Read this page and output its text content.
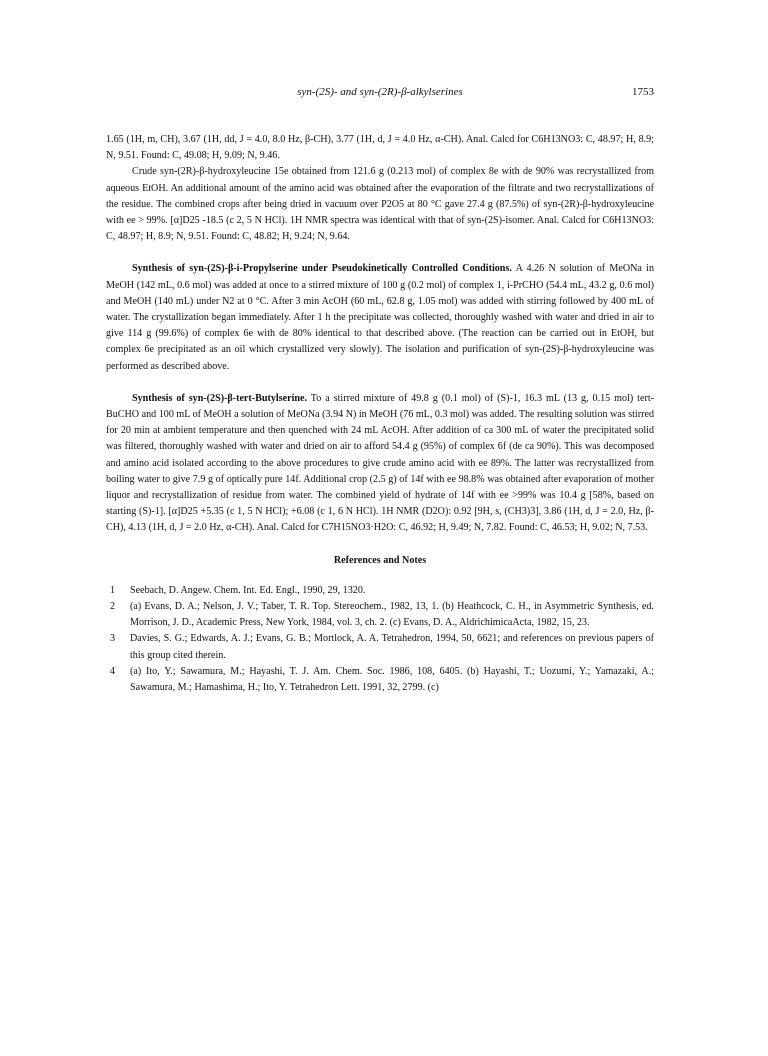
syn-(2S)- and syn-(2R)-β-alkylserines	1753

1.65 (1H, m, CH), 3.67 (1H, dd, J = 4.0, 8.0 Hz, β-CH), 3.77 (1H, d, J = 4.0 Hz, α-CH). Anal. Calcd for C6H13NO3: C, 48.97; H, 8.9; N, 9.51. Found: C, 49.08; H, 9.09; N, 9.46.

Crude syn-(2R)-β-hydroxyleucine 15e obtained from 121.6 g (0.213 mol) of complex 8e with de 90% was recrystallized from aqueous EtOH. An additional amount of the amino acid was obtained after the evaporation of the filtrate and two recrystallizations of the residue. The combined crops after being dried in vacuum over P2O5 at 80 °C gave 27.4 g (87.5%) of syn-(2R)-β-hydroxyleucine with ee > 99%. [α]D25 -18.5 (c 2, 5 N HCl). 1H NMR spectra was identical with that of syn-(2S)-isomer. Anal. Calcd for C6H13NO3: C, 48.97; H, 8.9; N, 9.51. Found: C, 48.82; H, 9.24; N, 9.64.

Synthesis of syn-(2S)-β-i-Propylserine under Pseudokinetically Controlled Conditions. A 4.26 N solution of MeONa in MeOH (142 mL, 0.6 mol) was added at once to a stirred mixture of 100 g (0.2 mol) of complex 1, i-PrCHO (54.4 mL, 43.2 g, 0.6 mol) and MeOH (140 mL) under N2 at 0 °C. After 3 min AcOH (60 mL, 62.8 g, 1.05 mol) was added with stirring followed by 400 mL of water. The crystallization began immediately. After 1 h the precipitate was collected, thoroughly washed with water and dried in air to give 114 g (99.6%) of complex 6e with de 80% identical to that described above. (The reaction can be carried out in EtOH, but complex 6e precipitated as an oil which crystallized very slowly). The isolation and purification of syn-(2S)-β-hydroxyleucine was performed as described above.

Synthesis of syn-(2S)-β-tert-Butylserine. To a stirred mixture of 49.8 g (0.1 mol) of (S)-1, 16.3 mL (13 g, 0.15 mol) tert-BuCHO and 100 mL of MeOH a solution of MeONa (3.94 N) in MeOH (76 mL, 0.3 mol) was added. The resulting solution was stirred for 20 min at ambient temperature and then quenched with 24 mL AcOH. After addition of ca 300 mL of water the precipitated solid was filtered, thoroughly washed with water and dried on air to afford 54.4 g (95%) of complex 6f (de ca 90%). This was decomposed and amino acid isolated according to the above procedures to give crude amino acid with ee 89%. The latter was recrystallized from boiling water to give 7.9 g of optically pure 14f. Additional crop (2.5 g) of 14f with ee 98.8% was obtained after evaporation of mother liquor and recrystallization of residue from water. The combined yield of hydrate of 14f with ee >99% was 10.4 g [58%, based on starting (S)-1]. [α]D25 +5.35 (c 1, 5 N HCl); +6.08 (c 1, 6 N HCl). 1H NMR (D2O): 0.92 [9H, s, (CH3)3], 3.86 (1H, d, J = 2.0, Hz, β-CH), 4.13 (1H, d, J = 2.0 Hz, α-CH). Anal. Calcd for C7H15NO3·H2O: C, 46.92; H, 9.49; N, 7.82. Found: C, 46.53; H, 9.02; N, 7.53.

References and Notes

1	Seebach, D. Angew. Chem. Int. Ed. Engl., 1990, 29, 1320.
2	(a) Evans, D. A.; Nelson, J. V.; Taber, T. R. Top. Stereochem., 1982, 13, 1. (b) Heathcock, C. H., in Asymmetric Synthesis, ed. Morrison, J. D., Academic Press, New York, 1984, vol. 3, ch. 2. (c) Evans, D. A., AldrichimicaActa, 1982, 15, 23.
3	Davies, S. G.; Edwards, A. J.; Evans, G. B.; Mortlock, A. A. Tetrahedron, 1994, 50, 6621; and references on previous papers of this group cited therein.
4	(a) Ito, Y.; Sawamura, M.; Hayashi, T. J. Am. Chem. Soc. 1986, 108, 6405. (b) Hayashi, T.; Uozumi, Y.; Yamazaki, A.; Sawamura, M.; Hamashima, H.; Ito, Y. Tetrahedron Lett. 1991, 32, 2799. (c)
